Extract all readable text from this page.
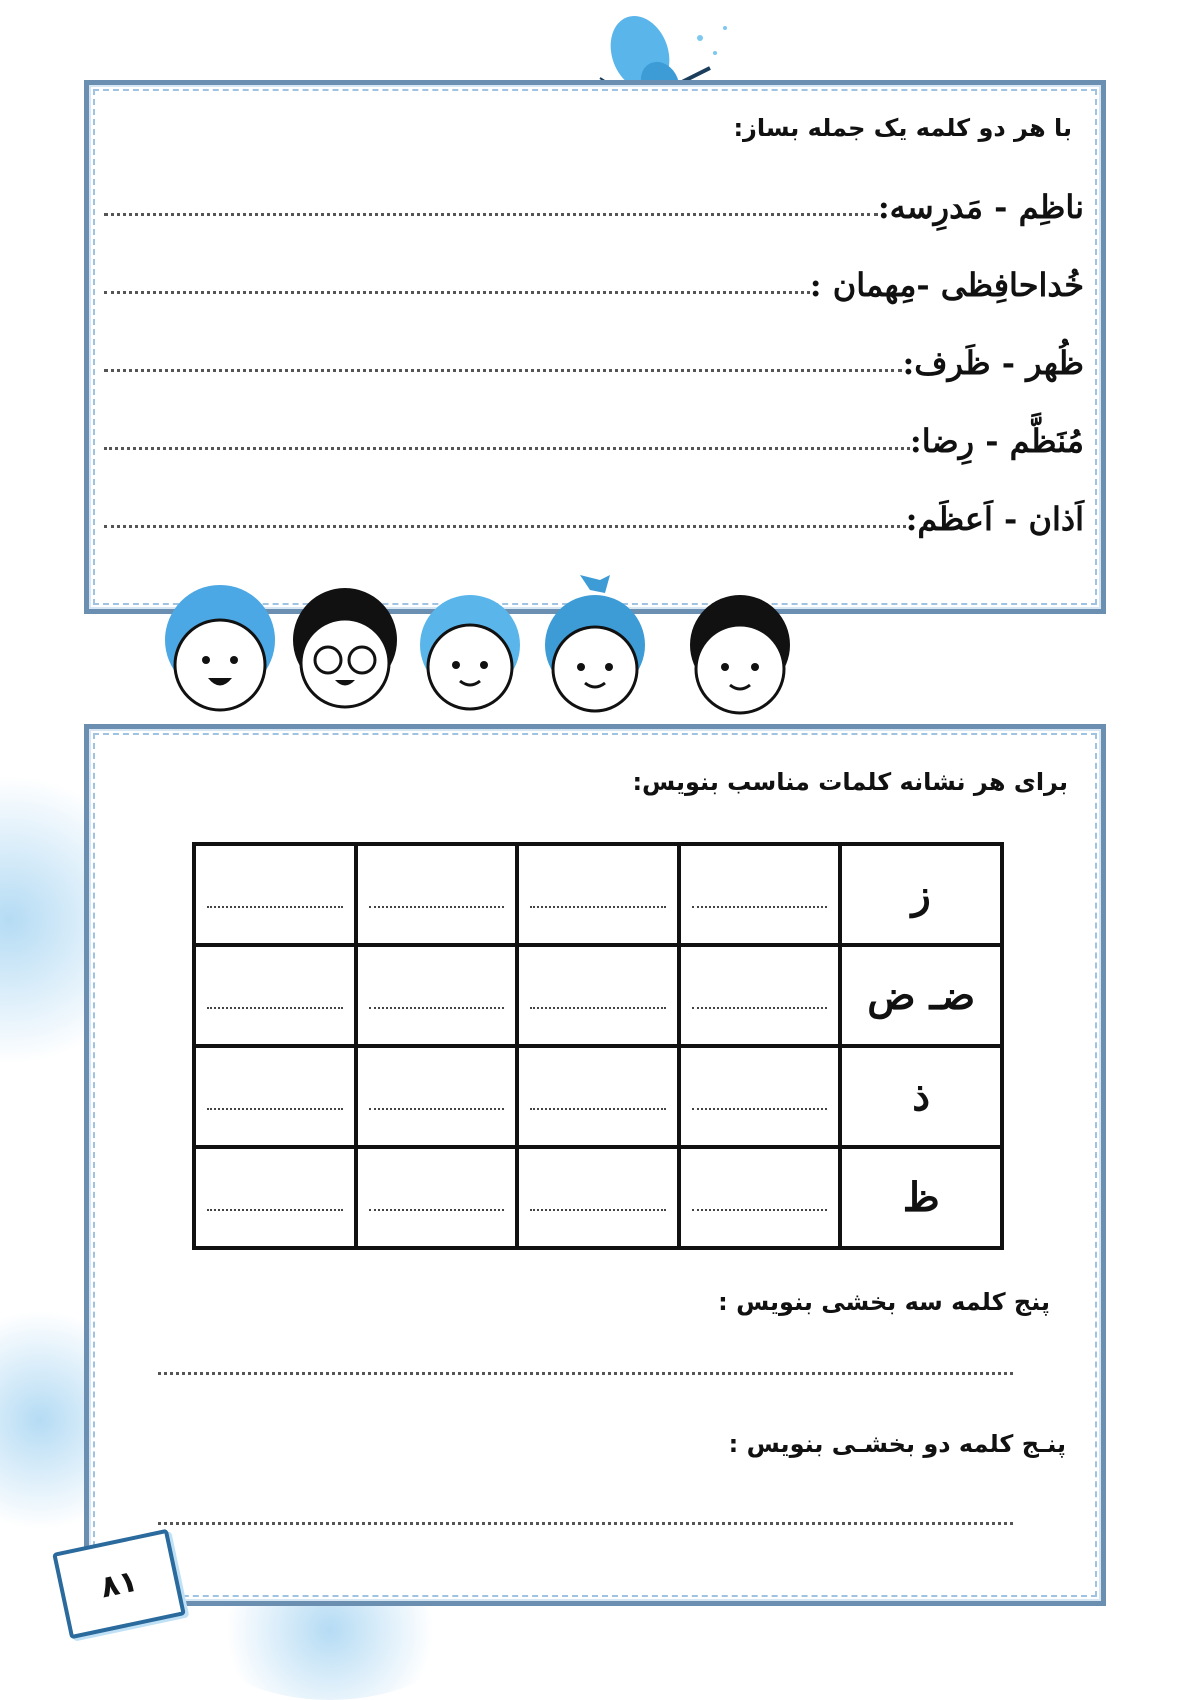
با هر دو کلمه یک جمله بساز:
ناظِم - مَدرِسه:
خُداحافِظی -مِهمان :
ظُهر - ظَرف:
مُنَظَّم - رِضا:
اَذان - اَعظَم:
برای هر نشانه کلمات مناسب بنویس:
ز	

ضـ ض	

ذ	

ظ	

پنج کلمه سه بخشی بنویس :
پنـج کلمه دو بخشـی بنویس :
۸۱
